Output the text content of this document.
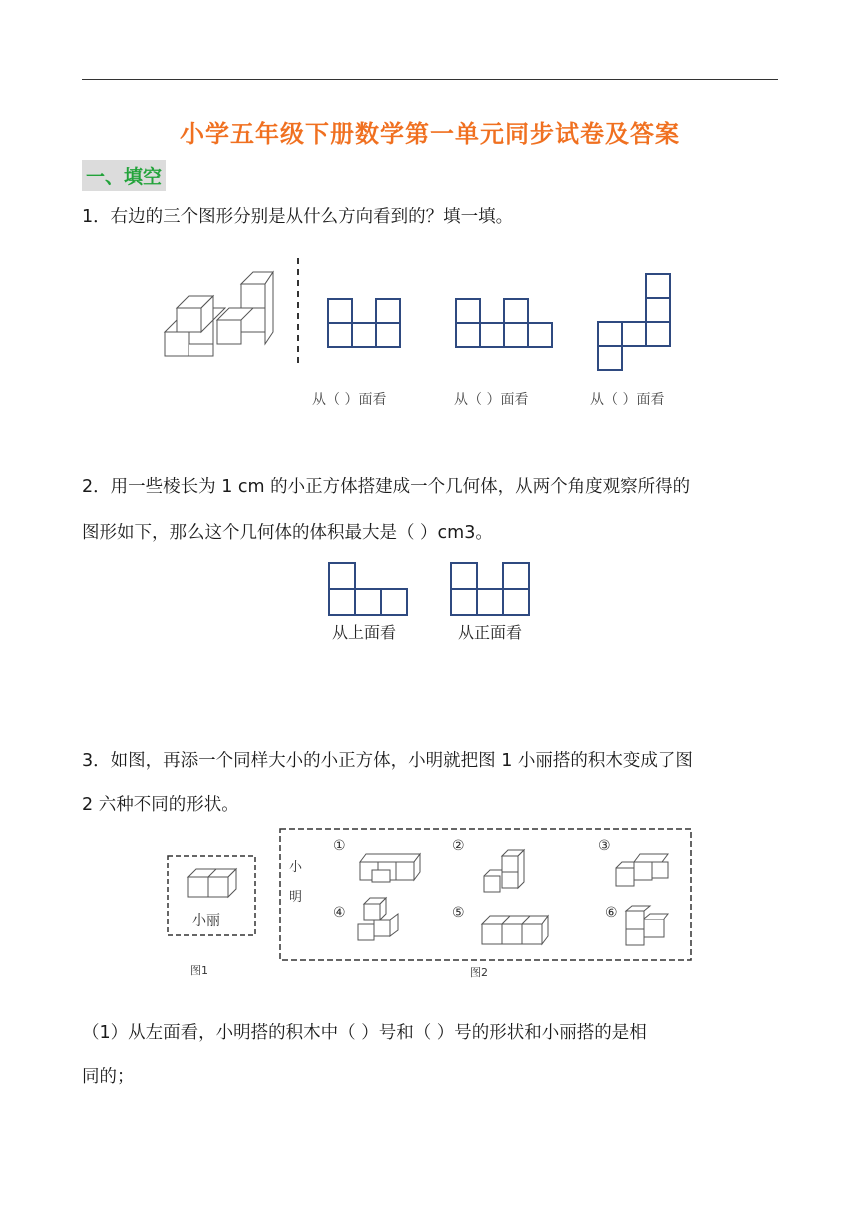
小学五年级下册数学第一单元同步试卷及答案
一、填空
1．右边的三个图形分别是从什么方向看到的？填一填。
从（ ）面看	从（ ）面看	从（ ）面看
2．用一些棱长为 1 cm 的小正方体搭建成一个几何体，从两个角度观察所得的
图形如下，那么这个几何体的体积最大是（ ）cm3。
从上面看	从正面看
3．如图，再添一个同样大小的小正方体，小明就把图 1 小丽搭的积木变成了图
2 六种不同的形状。
小丽
图1
小
明
图2
①	②	③
④	⑤	⑥
（1）从左面看，小明搭的积木中（ ）号和（ ）号的形状和小丽搭的是相
同的；
